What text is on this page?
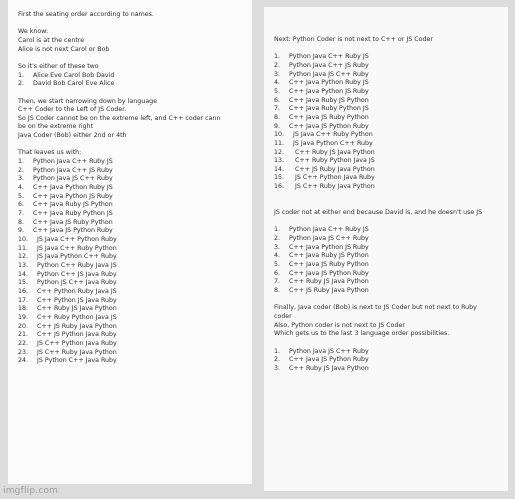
First the seating order according to names.
We know:
Carol is at the centre
Alice is not next Carol or Bob
So it's either of these two
1.	Alice Eve Carol Bob David
2.	David Bob Carol Eve Alice
Then, we start narrowing down by language
C++ Coder to the Left of JS Coder.
So JS Coder cannot be on the extreme left, and C++ coder cann
be on the extreme right
Java Coder (Bob) either 2nd or 4th
That leaves us with:
1.	Python Java C++ Ruby JS
2.	Python Java C++ JS Ruby
3.	Python Java JS C++ Ruby
4.	C++ Java Python Ruby JS
5.	C++ Java Python JS Ruby
6.	C++ Java Ruby JS Python
7.	C++ Java Ruby Python JS
8.	C++ Java JS Ruby Python
9.	C++ Java JS Python Ruby
10.	JS Java C++ Python Ruby
11.	JS Java C++ Ruby Python
12.	JS Java Python C++ Ruby
13.	Python C++ Ruby Java JS
14.	Python C++ JS Java Ruby
15.	Python JS C++ Java Ruby
16.	C++ Python Ruby Java JS
17.	C++ Python JS Java Ruby
18.	C++ Ruby JS Java Python
19.	C++ Ruby Python Java JS
20.	C++ JS Ruby Java Python
21.	C++ JS Python Java Ruby
22.	JS C++ Python Java Ruby
23.	JS C++ Ruby Java Python
24.	JS Python C++ Java Ruby
Next: Python Coder is not next to C++ or JS Coder
1.	Python Java C++ Ruby JS
2.	Python Java C++ JS Ruby
3.	Python Java JS C++ Ruby
4.	C++ Java Python Ruby JS
5.	C++ Java Python JS Ruby
6.	C++ Java Ruby JS Python
7.	C++ Java Ruby Python JS
8.	C++ Java JS Ruby Python
9.	C++ Java JS Python Ruby
10.	JS Java C++ Ruby Python
11.	JS Java Python C++ Ruby
12.	C++ Ruby JS Java Python
13.	C++ Ruby Python Java JS
14.	C++ JS Ruby Java Python
15.	JS C++ Python Java Ruby
16.	JS C++ Ruby Java Python
JS coder not at either end because David is, and he doesn't use JS
1.	Python Java C++ Ruby JS
2.	Python Java JS C++ Ruby
3.	C++ Java Python JS Ruby
4.	C++ Java Ruby JS Python
5.	C++ Java JS Ruby Python
6.	C++ Java JS Python Ruby
7.	C++ Ruby JS Java Python
8.	C++ JS Ruby Java Python
Finally, Java coder (Bob) is next to JS Coder but not next to Ruby
coder
Also, Python coder is not next to JS Coder
Which gets us to the last 3 language order possibilities.
1.	Python Java JS C++ Ruby
2.	C++ Java JS Python Ruby
3.	C++ Ruby JS Java Python
imgflip.com
